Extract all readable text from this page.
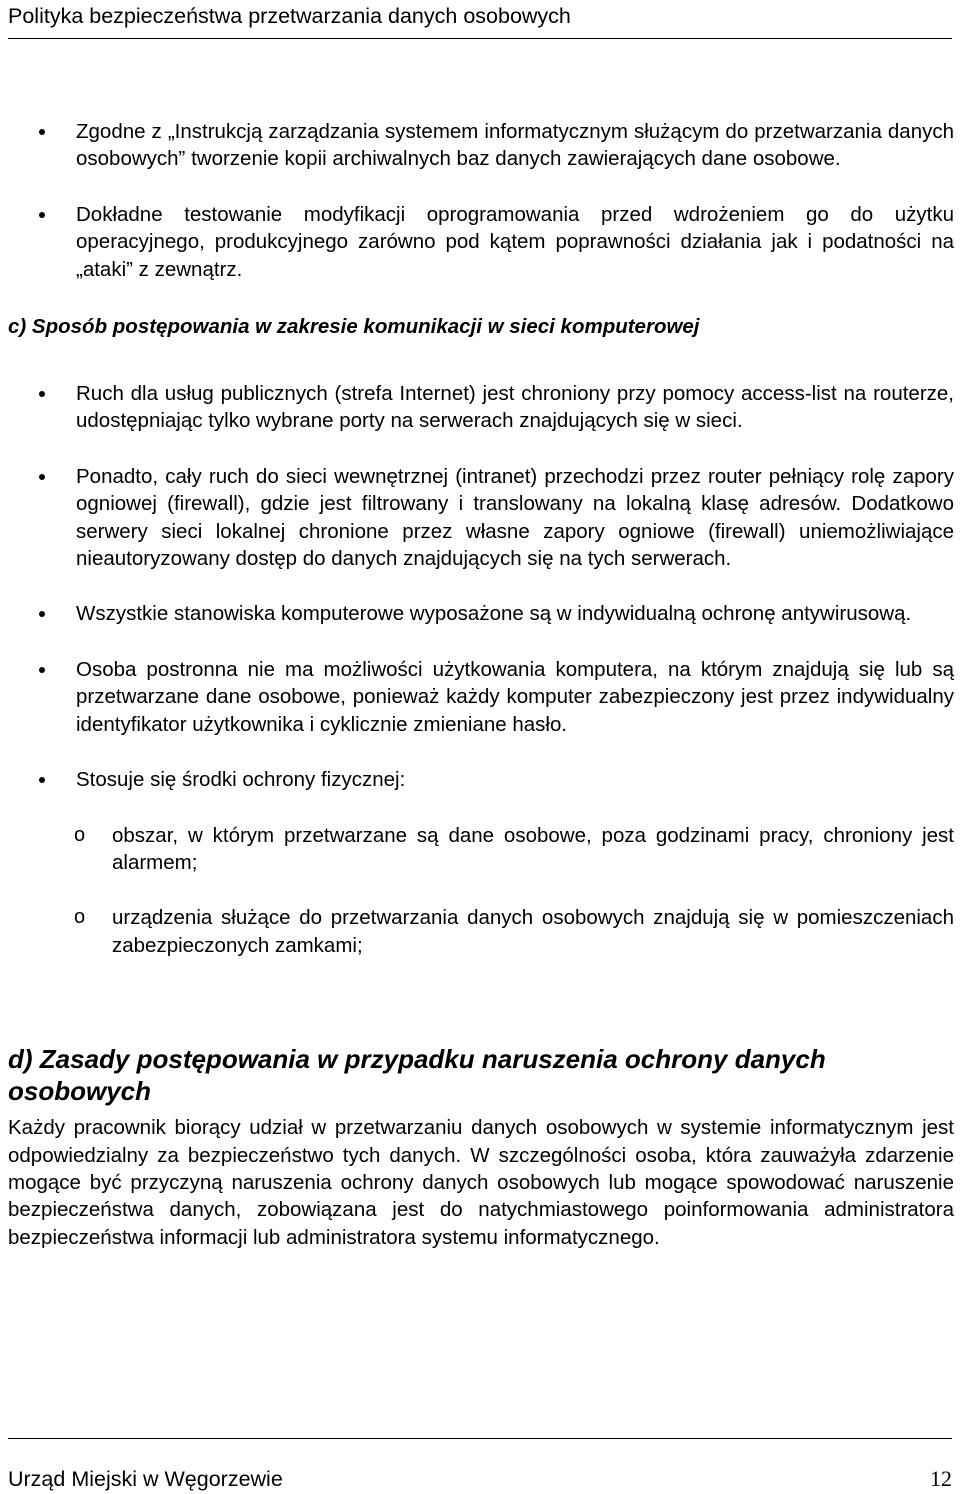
Polityka bezpieczeństwa przetwarzania danych osobowych
Zgodne z „Instrukcją zarządzania systemem informatycznym służącym do przetwarzania danych osobowych” tworzenie kopii archiwalnych baz danych zawierających dane osobowe.
Dokładne testowanie modyfikacji oprogramowania przed wdrożeniem go do użytku operacyjnego, produkcyjnego zarówno pod kątem poprawności działania jak i podatności na „ataki” z zewnątrz.
c) Sposób postępowania w zakresie komunikacji w sieci komputerowej
Ruch dla usług publicznych (strefa Internet) jest chroniony przy pomocy access-list na routerze, udostępniając tylko wybrane porty na serwerach znajdujących się w sieci.
Ponadto, cały ruch do sieci wewnętrznej (intranet) przechodzi przez router pełniący rolę zapory ogniowej (firewall), gdzie jest filtrowany i translowany na lokalną klasę adresów. Dodatkowo serwery sieci lokalnej chronione przez własne zapory ogniowe (firewall) uniemożliwiające nieautoryzowany dostęp do danych znajdujących się na tych serwerach.
Wszystkie stanowiska komputerowe wyposażone są w indywidualną ochronę antywirusową.
Osoba postronna nie ma możliwości użytkowania komputera, na którym znajdują się lub są przetwarzane dane osobowe, ponieważ każdy komputer zabezpieczony jest przez indywidualny identyfikator użytkownika i cyklicznie zmieniane hasło.
Stosuje się środki ochrony fizycznej:
o obszar, w którym przetwarzane są dane osobowe, poza godzinami pracy, chroniony jest alarmem;
o urządzenia służące do przetwarzania danych osobowych znajdują się w pomieszczeniach zabezpieczonych zamkami;
d) Zasady postępowania w przypadku naruszenia ochrony danych osobowych

Każdy pracownik biorący udział w przetwarzaniu danych osobowych w systemie informatycznym jest odpowiedzialny za bezpieczeństwo tych danych. W szczególności osoba, która zauważyła zdarzenie mogące być przyczyną naruszenia ochrony danych osobowych lub mogące spowodować naruszenie bezpieczeństwa danych, zobowiązana jest do natychmiastowego poinformowania administratora bezpieczeństwa informacji lub administratora systemu informatycznego.

Urząd Miejski w Węgorzewie	12
